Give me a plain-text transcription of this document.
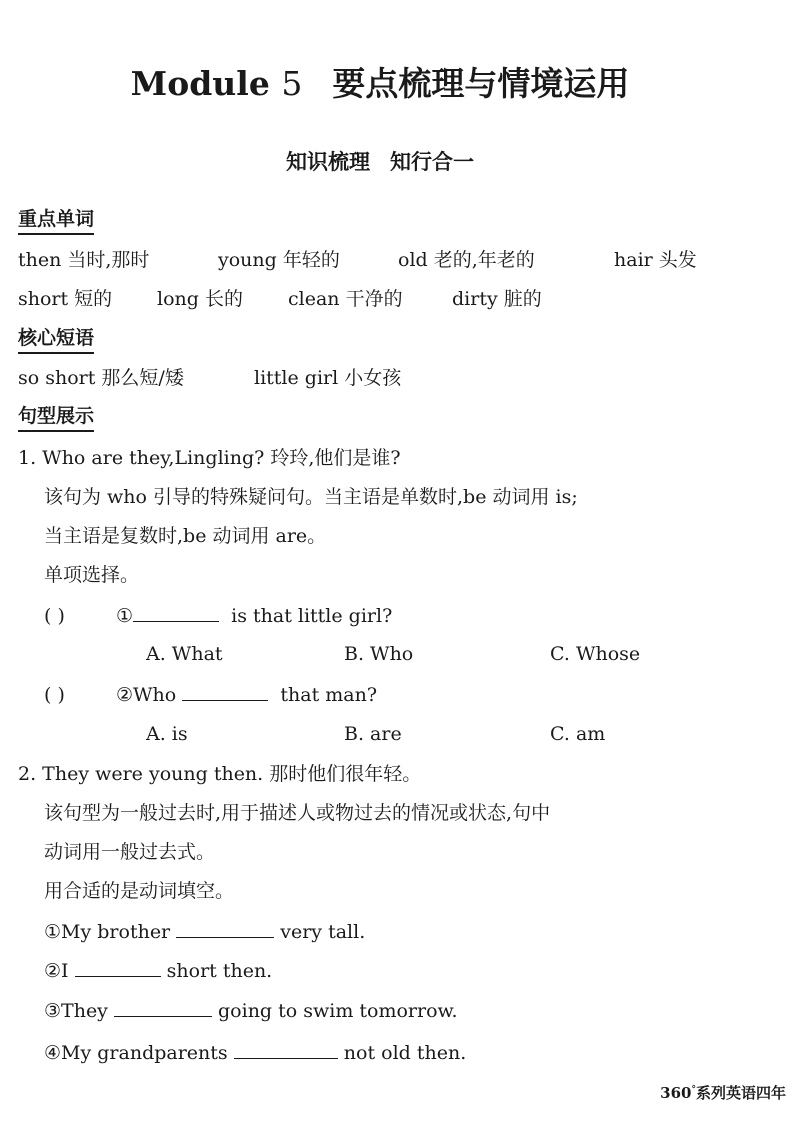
Module 5 要点梳理与情境运用
知识梳理 知行合一
重点单词
then 当时,那时	young 年轻的	old 老的,年老的	hair 头发
short 短的 long 长的 clean 干净的	dirty 脏的
核心短语
so short 那么短/矮	little girl 小女孩
句型展示
1. Who are they,Lingling? 玲玲,他们是谁?
该句为 who 引导的特殊疑问句。当主语是单数时,be 动词用 is;
当主语是复数时,be 动词用 are。
单项选择。
( )	①	is that little girl?
A. What	B. Who	C. Whose
( )	②Who	that man?
A. is	B. are	C. am
2. They were young then. 那时他们很年轻。
该句型为一般过去时,用于描述人或物过去的情况或状态,句中
动词用一般过去式。
用合适的是动词填空。
①My brother	very tall.
②I	short then.
③They	going to swim tomorrow.
④My grandparents	not old then.
360°系列英语四年
